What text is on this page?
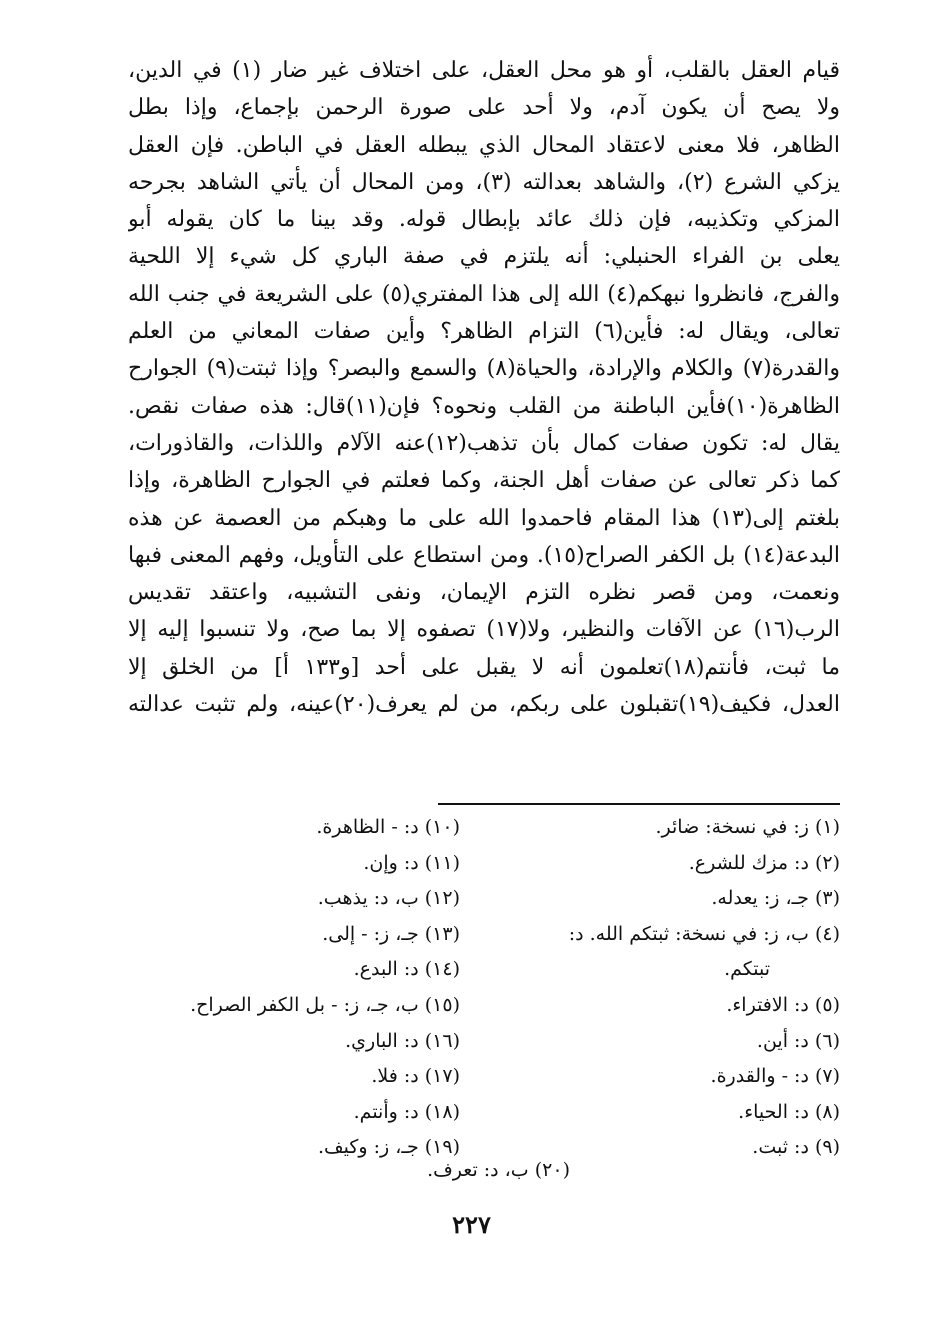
قيام العقل بالقلب، أو هو محل العقل، على اختلاف غير ضار (١) في الدين،
ولا يصح أن يكون آدم، ولا أحد على صورة الرحمن بإجماع، وإذا بطل
الظاهر، فلا معنى لاعتقاد المحال الذي يبطله العقل في الباطن. فإن العقل
يزكي الشرع (٢)، والشاهد بعدالته (٣)، ومن المحال أن يأتي الشاهد بجرحه
المزكي وتكذيبه، فإن ذلك عائد بإبطال قوله. وقد بينا ما كان يقوله أبو
يعلى بن الفراء الحنبلي: أنه يلتزم في صفة الباري كل شيء إلا اللحية
والفرج، فانظروا نبهكم(٤) الله إلى هذا المفتري(٥) على الشريعة في جنب الله
تعالى، ويقال له: فأين(٦) التزام الظاهر؟ وأين صفات المعاني من العلم
والقدرة(٧) والكلام والإرادة، والحياة(٨) والسمع والبصر؟ وإذا ثبتت(٩) الجوارح
الظاهرة(١٠)فأين الباطنة من القلب ونحوه؟ فإن(١١)قال: هذه صفات نقص.
يقال له: تكون صفات كمال بأن تذهب(١٢)عنه الآلام واللذات، والقاذورات،
كما ذكر تعالى عن صفات أهل الجنة، وكما فعلتم في الجوارح الظاهرة، وإذا
بلغتم إلى(١٣) هذا المقام فاحمدوا الله على ما وهبكم من العصمة عن هذه
البدعة(١٤) بل الكفر الصراح(١٥). ومن استطاع على التأويل، وفهم المعنى فبها
ونعمت، ومن قصر نظره التزم الإيمان، ونفى التشبيه، واعتقد تقديس
الرب(١٦) عن الآفات والنظير، ولا(١٧) تصفوه إلا بما صح، ولا تنسبوا إليه إلا
ما ثبت، فأنتم(١٨)تعلمون أنه لا يقبل على أحد [و١٣٣ أ] من الخلق إلا
العدل، فكيف(١٩)تقبلون على ربكم، من لم يعرف(٢٠)عينه، ولم تثبت عدالته
(١) ز: في نسخة: ضائر.
(٢) د: مزك للشرع.
(٣) جـ، ز: يعدله.
(٤) ب، ز: في نسخة: ثبتكم الله. د:
تبتكم.
(٥) د: الافتراء.
(٦) د: أين.
(٧) د: - والقدرة.
(٨) د: الحياء.
(٩) د: ثبت.
(١٠) د: - الظاهرة.
(١١) د: وإن.
(١٢) ب، د: يذهب.
(١٣) جـ، ز: - إلى.
(١٤) د: البدع.
(١٥) ب، جـ، ز: - بل الكفر الصراح.
(١٦) د: الباري.
(١٧) د: فلا.
(١٨) د: وأنتم.
(١٩) جـ، ز: وكيف.
(٢٠) ب، د: تعرف.
٢٢٧
